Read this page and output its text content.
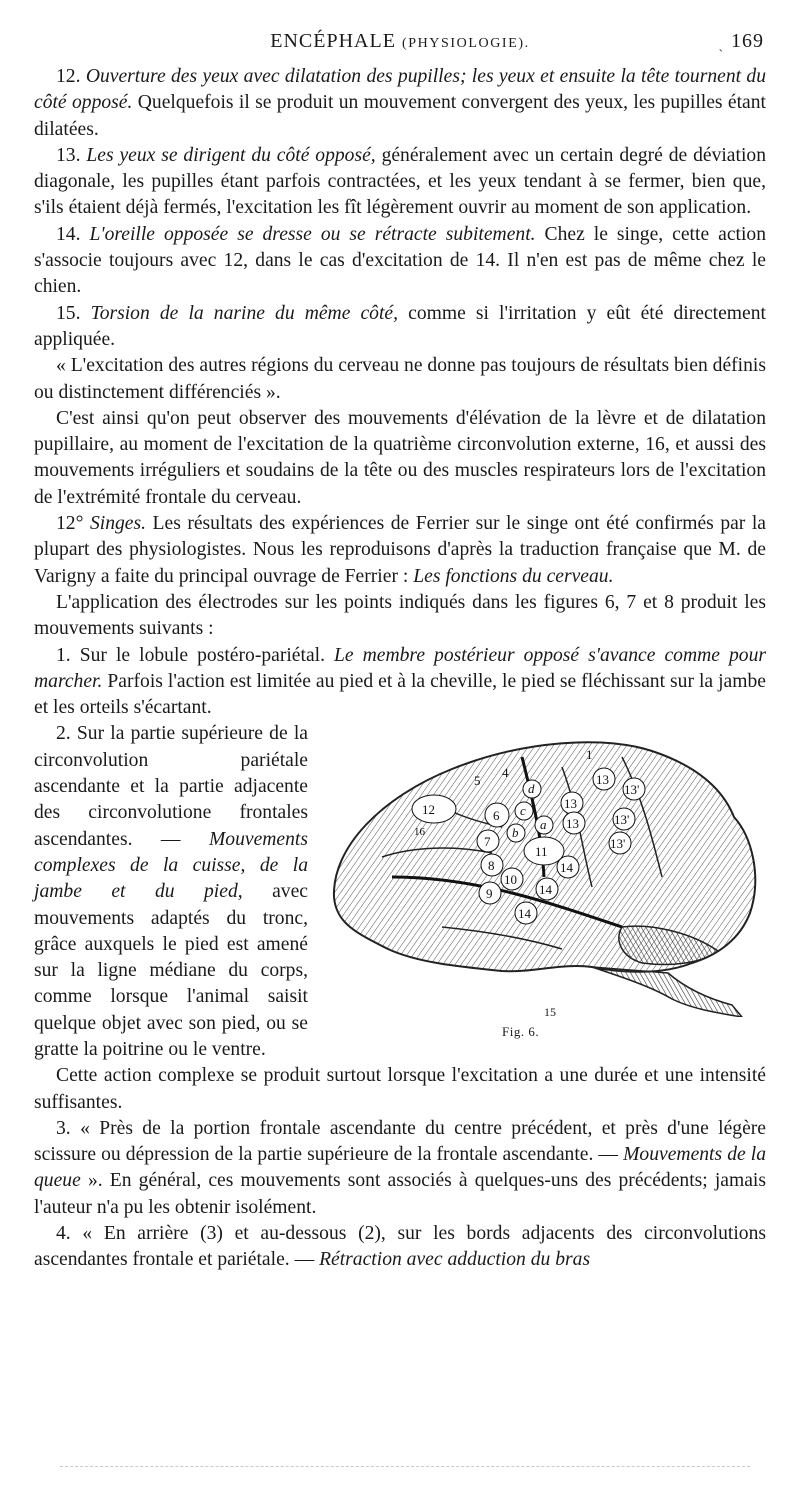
ENCÉPHALE (PHYSIOLOGIE).	ˏ 169

12. Ouverture des yeux avec dilatation des pupilles; les yeux et ensuite la tête tournent du côté opposé. Quelquefois il se produit un mouvement convergent des yeux, les pupilles étant dilatées.

13. Les yeux se dirigent du côté opposé, généralement avec un certain degré de déviation diagonale, les pupilles étant parfois contractées, et les yeux tendant à se fermer, bien que, s'ils étaient déjà fermés, l'excitation les fît légèrement ouvrir au moment de son application.

14. L'oreille opposée se dresse ou se rétracte subitement. Chez le singe, cette action s'associe toujours avec 12, dans le cas d'excitation de 14. Il n'en est pas de même chez le chien.

15. Torsion de la narine du même côté, comme si l'irritation y eût été directement appliquée.

« L'excitation des autres régions du cerveau ne donne pas toujours de résultats bien définis ou distinctement différenciés ».

C'est ainsi qu'on peut observer des mouvements d'élévation de la lèvre et de dilatation pupillaire, au moment de l'excitation de la quatrième circonvolution externe, 16, et aussi des mouvements irréguliers et soudains de la tête ou des muscles respirateurs lors de l'excitation de l'extrémité frontale du cerveau.

12° Singes. Les résultats des expériences de Ferrier sur le singe ont été confirmés par la plupart des physiologistes. Nous les reproduisons d'après la traduction française que M. de Varigny a faite du principal ouvrage de Ferrier : Les fonctions du cerveau.

L'application des électrodes sur les points indiqués dans les figures 6, 7 et 8 produit les mouvements suivants :

1. Sur le lobule postéro-pariétal. Le membre postérieur opposé s'avance comme pour marcher. Parfois l'action est limitée au pied et à la cheville, le pied se fléchissant sur la jambe et les orteils s'écartant.

12	6
7
8
9
10
11
14
14
14
13
13
13
13'
13'
13'
d
c
b
a
5
4
1
16
15
Fig. 6.

2. Sur la partie supérieure de la circonvolution pariétale ascendante et la partie adjacente des circonvolutione frontales ascendantes. — Mouvements complexes de la cuisse, de la jambe et du pied, avec mouvements adaptés du tronc, grâce auxquels le pied est amené sur la ligne médiane du corps, comme lorsque l'animal saisit quelque objet avec son pied, ou se gratte la poitrine ou le ventre.

Cette action complexe se produit surtout lorsque l'excitation a une durée et une intensité suffisantes.

3. « Près de la portion frontale ascendante du centre précédent, et près d'une légère scissure ou dépression de la partie supérieure de la frontale ascendante. — Mouvements de la queue ». En général, ces mouvements sont associés à quelques-uns des précédents; jamais l'auteur n'a pu les obtenir isolément.

4. « En arrière (3) et au-dessous (2), sur les bords adjacents des circonvolutions ascendantes frontale et pariétale. — Rétraction avec adduction du bras
